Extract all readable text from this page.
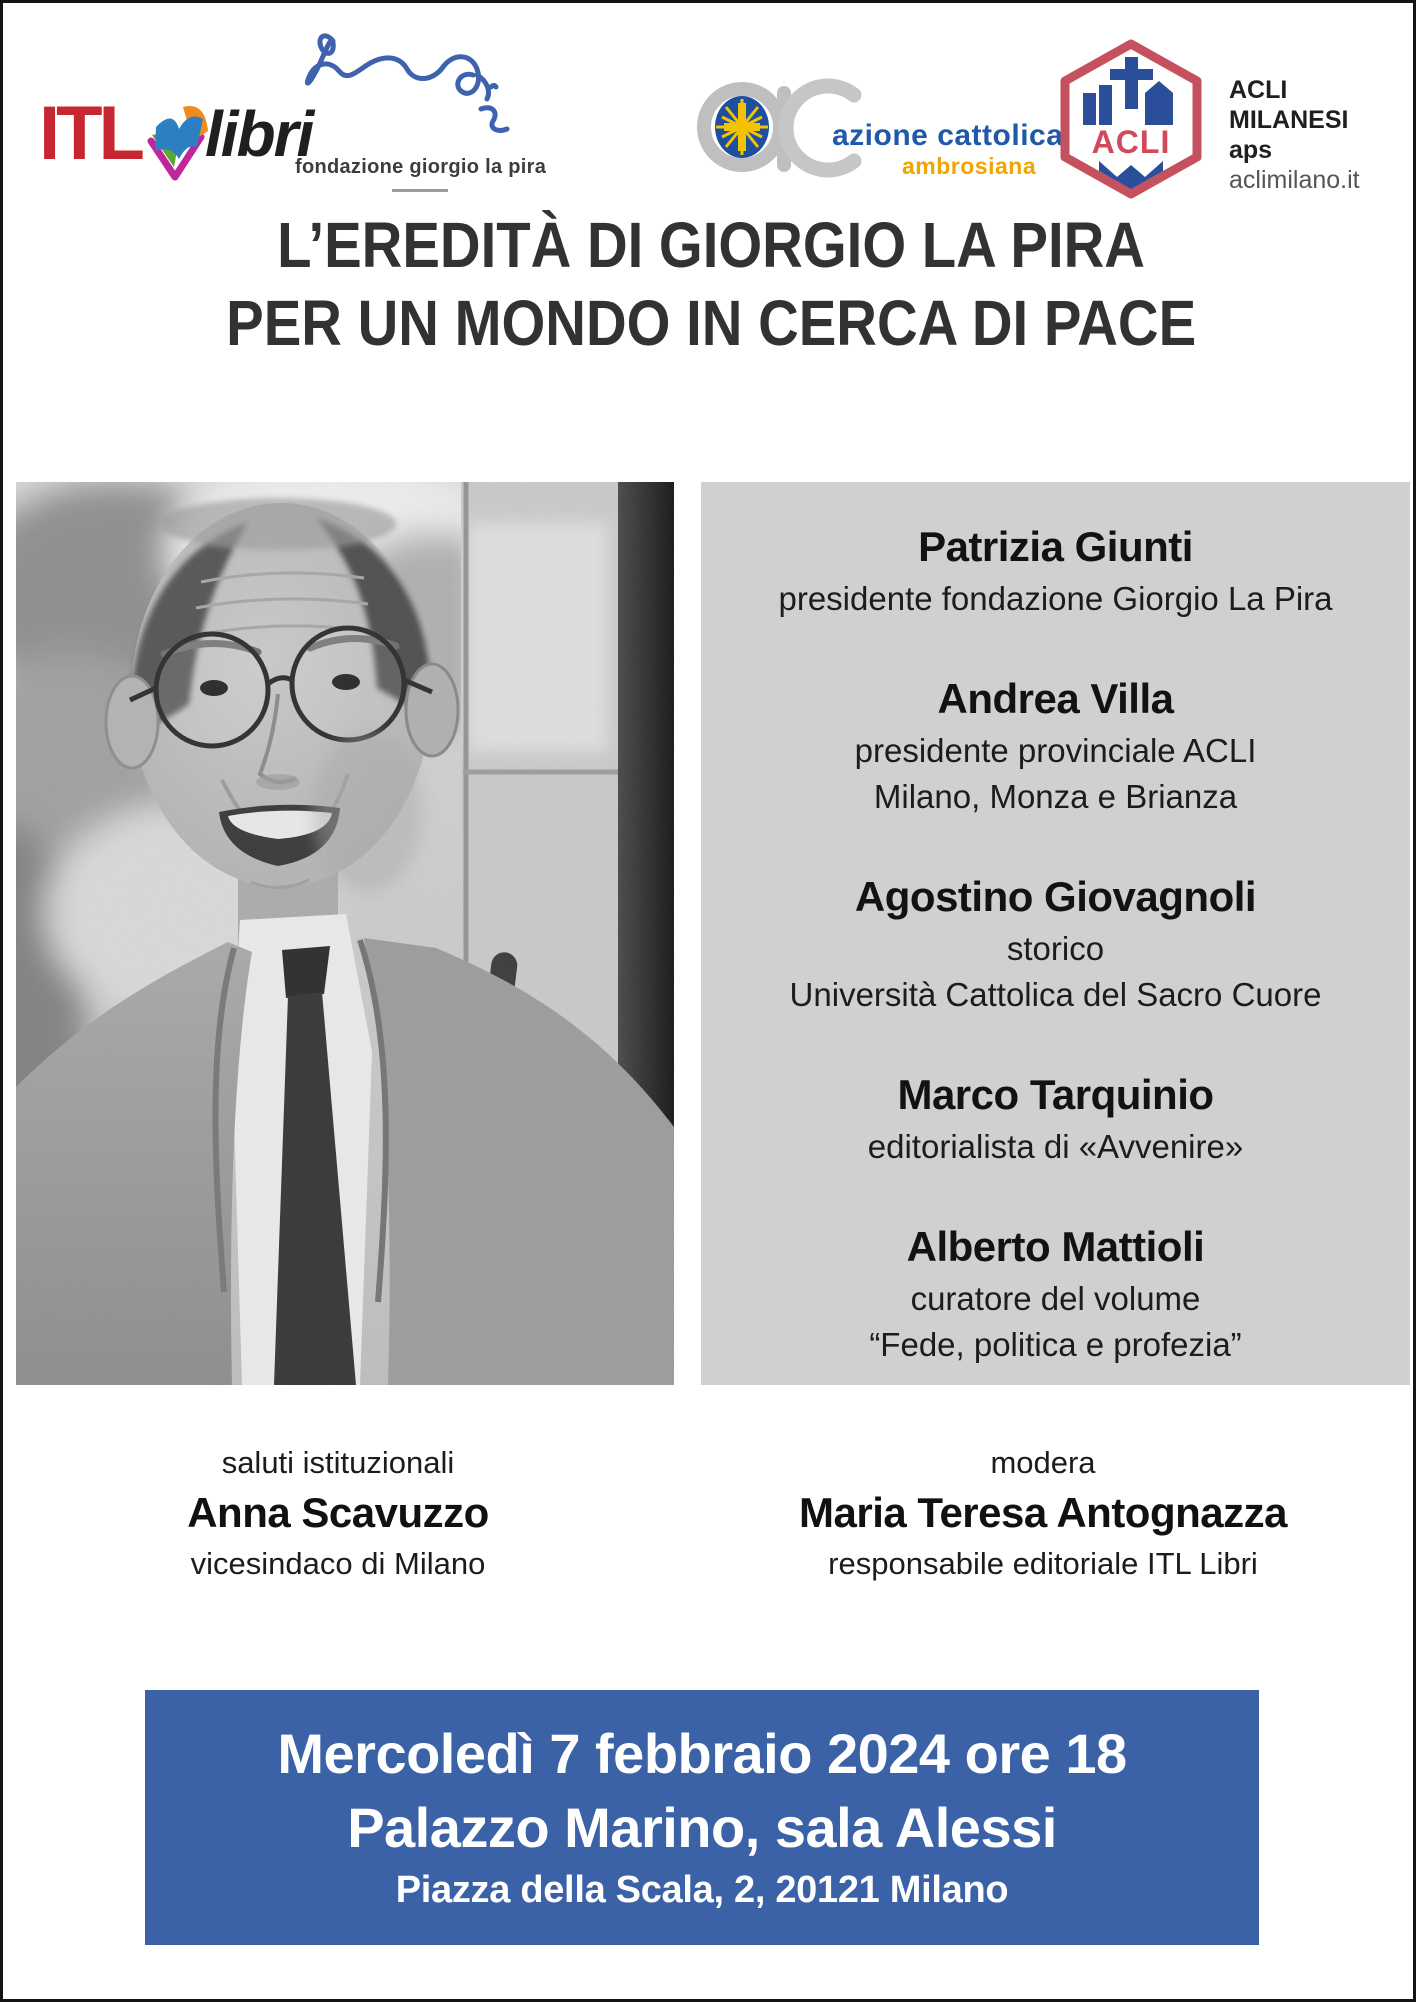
ITL libri
fondazione giorgio la pira
azione cattolica
ambrosiana
ACLI
ACLI
MILANESI aps
aclimilano.it
L’EREDITÀ DI GIORGIO LA PIRA
PER UN MONDO IN CERCA DI PACE
Patrizia Giunti
presidente fondazione Giorgio La Pira
Andrea Villa
presidente provinciale ACLI
Milano, Monza e Brianza
Agostino Giovagnoli
storico
Università Cattolica del Sacro Cuore
Marco Tarquinio
editorialista di «Avvenire»
Alberto Mattioli
curatore del volume
“Fede, politica e profezia”
saluti istituzionali
Anna Scavuzzo
vicesindaco di Milano
modera
Maria Teresa Antognazza
responsabile editoriale ITL Libri
Mercoledì 7 febbraio 2024 ore 18
Palazzo Marino, sala Alessi
Piazza della Scala, 2, 20121 Milano
